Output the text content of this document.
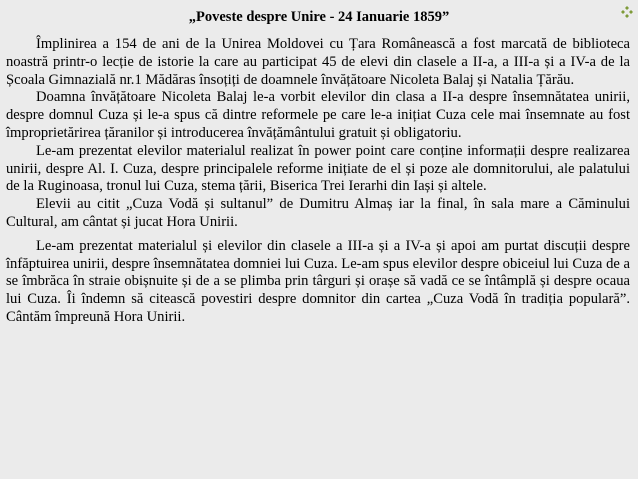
„Poveste despre Unire - 24 Ianuarie 1859”

Împlinirea a 154 de ani de la Unirea Moldovei cu Țara Românească a fost marcată de biblioteca noastră printr-o lecție de istorie la care au participat 45 de elevi din clasele a II-a, a III-a și a IV-a de la Școala Gimnazială nr.1 Mădăras însoțiți de doamnele învățătoare Nicoleta Balaj și Natalia Țărău.

Doamna învățătoare Nicoleta Balaj le-a vorbit elevilor din clasa a II-a despre însemnătatea unirii, despre domnul Cuza și le-a spus că dintre reformele pe care le-a inițiat Cuza cele mai însemnate au fost împroprietărirea țăranilor și introducerea învățământului gratuit și obligatoriu.

Le-am prezentat elevilor materialul realizat în power point care conține informații despre realizarea unirii, despre Al. I. Cuza, despre principalele reforme inițiate de el și poze ale domnitorului, ale palatului de la Ruginoasa, tronul lui Cuza, stema țării, Biserica Trei Ierarhi din Iași și altele.

Elevii au citit „Cuza Vodă și sultanul” de Dumitru Almaș iar la final, în sala mare a Căminului Cultural, am cântat și jucat Hora Unirii.

Le-am prezentat materialul și elevilor din clasele a III-a și a IV-a și apoi am purtat discuții despre înfăptuirea unirii, despre însemnătatea domniei lui Cuza. Le-am spus elevilor despre obiceiul lui Cuza de a se îmbrăca în straie obișnuite și de a se plimba prin târguri și orașe să vadă ce se întâmplă și despre ocaua lui Cuza. Îi îndemn să citească povestiri despre domnitor din cartea „Cuza Vodă în tradiția populară”. Cântăm împreună Hora Unirii.
